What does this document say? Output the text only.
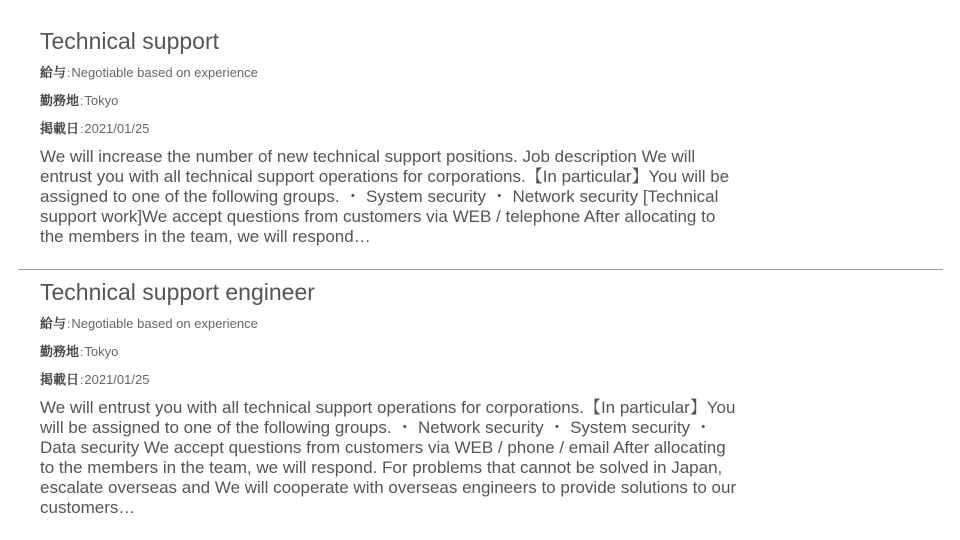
Technical support
給与:Negotiable based on experience
勤務地:Tokyo
掲載日:2021/01/25

We will increase the number of new technical support positions. Job description We will entrust you with all technical support operations for corporations.【In particular】You will be assigned to one of the following groups. ・ System security ・ Network security [Technical support work]We accept questions from customers via WEB / telephone After allocating to the members in the team, we will respond…

Technical support engineer
給与:Negotiable based on experience
勤務地:Tokyo
掲載日:2021/01/25

We will entrust you with all technical support operations for corporations.【In particular】You will be assigned to one of the following groups. ・ Network security ・ System security ・ Data security We accept questions from customers via WEB / phone / email After allocating to the members in the team, we will respond. For problems that cannot be solved in Japan, escalate overseas and We will cooperate with overseas engineers to provide solutions to our customers…
